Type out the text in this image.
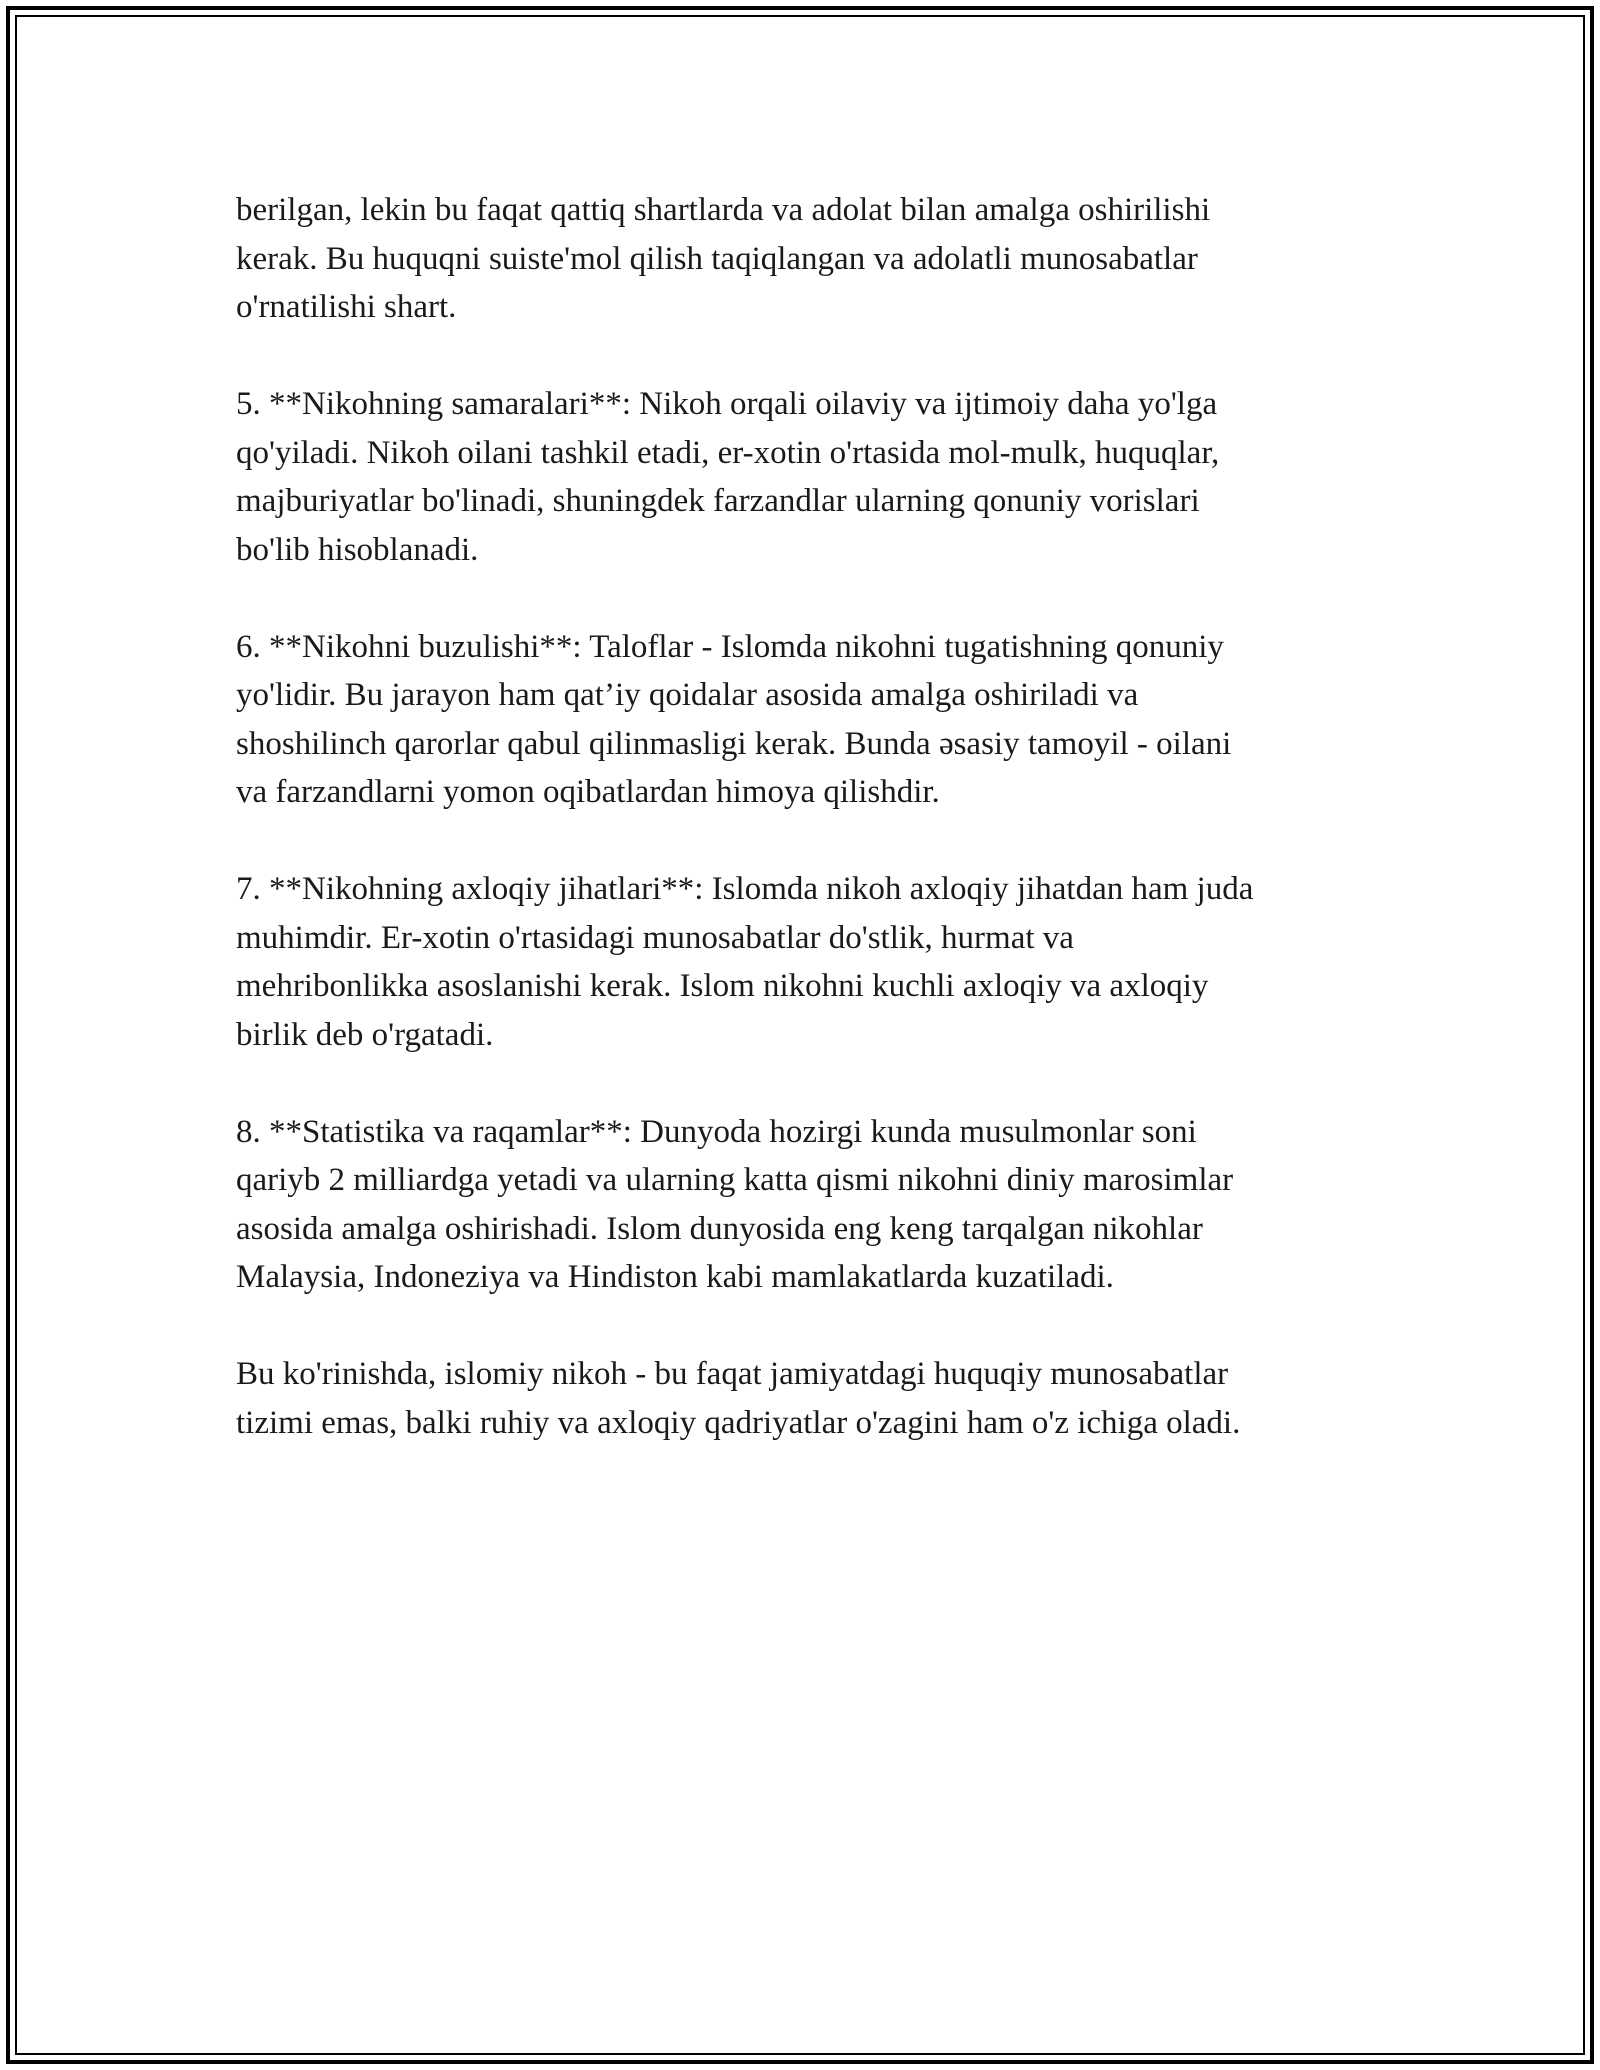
berilgan, lekin bu faqat qattiq shartlarda va adolat bilan amalga oshirilishi
kerak. Bu huquqni suiste'mol qilish taqiqlangan va adolatli munosabatlar
o'rnatilishi shart.

5. **Nikohning samaralari**: Nikoh orqali oilaviy va ijtimoiy daha yo'lga
qo'yiladi. Nikoh oilani tashkil etadi, er-xotin o'rtasida mol-mulk, huquqlar,
majburiyatlar bo'linadi, shuningdek farzandlar ularning qonuniy vorislari
bo'lib hisoblanadi.

6. **Nikohni buzulishi**: Taloflar - Islomda nikohni tugatishning qonuniy
yo'lidir. Bu jarayon ham qat’iy qoidalar asosida amalga oshiriladi va
shoshilinch qarorlar qabul qilinmasligi kerak. Bunda əsasiy tamoyil - oilani
va farzandlarni yomon oqibatlardan himoya qilishdir.

7. **Nikohning axloqiy jihatlari**: Islomda nikoh axloqiy jihatdan ham juda
muhimdir. Er-xotin o'rtasidagi munosabatlar do'stlik, hurmat va
mehribonlikka asoslanishi kerak. Islom nikohni kuchli axloqiy va axloqiy
birlik deb o'rgatadi.

8. **Statistika va raqamlar**: Dunyoda hozirgi kunda musulmonlar soni
qariyb 2 milliardga yetadi va ularning katta qismi nikohni diniy marosimlar
asosida amalga oshirishadi. Islom dunyosida eng keng tarqalgan nikohlar
Malaysia, Indoneziya va Hindiston kabi mamlakatlarda kuzatiladi.

Bu ko'rinishda, islomiy nikoh - bu faqat jamiyatdagi huquqiy munosabatlar
tizimi emas, balki ruhiy va axloqiy qadriyatlar o'zagini ham o'z ichiga oladi.
